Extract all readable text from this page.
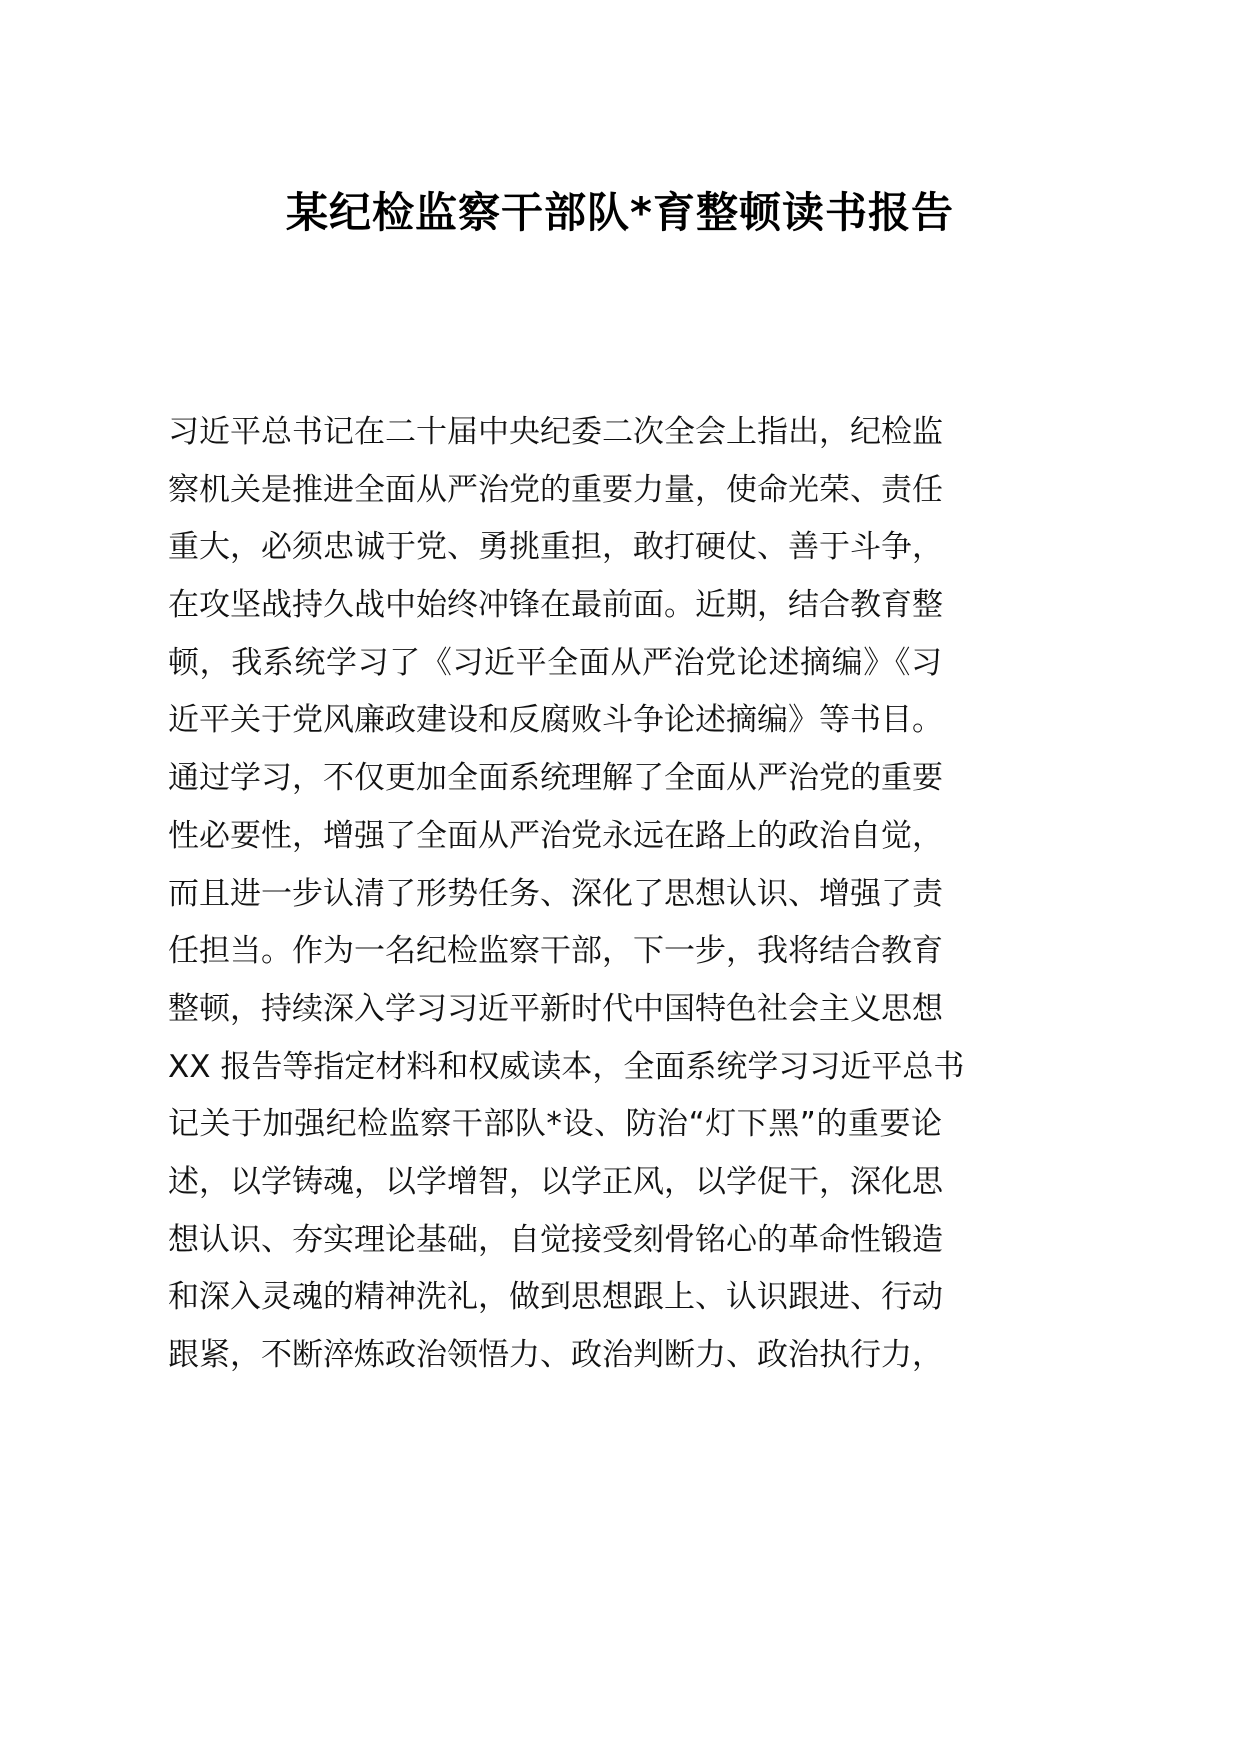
某纪检监察干部队*育整顿读书报告
习近平总书记在二十届中央纪委二次全会上指出，纪检监
察机关是推进全面从严治党的重要力量，使命光荣、责任
重大，必须忠诚于党、勇挑重担，敢打硬仗、善于斗争，
在攻坚战持久战中始终冲锋在最前面。近期，结合教育整
顿，我系统学习了《习近平全面从严治党论述摘编》《习
近平关于党风廉政建设和反腐败斗争论述摘编》等书目。
通过学习，不仅更加全面系统理解了全面从严治党的重要
性必要性，增强了全面从严治党永远在路上的政治自觉，
而且进一步认清了形势任务、深化了思想认识、增强了责
任担当。作为一名纪检监察干部，下一步，我将结合教育
整顿，持续深入学习习近平新时代中国特色社会主义思想
XX 报告等指定材料和权威读本，全面系统学习习近平总书
记关于加强纪检监察干部队*设、防治“灯下黑”的重要论
述，以学铸魂，以学增智，以学正风，以学促干，深化思
想认识、夯实理论基础，自觉接受刻骨铭心的革命性锻造
和深入灵魂的精神洗礼，做到思想跟上、认识跟进、行动
跟紧，不断淬炼政治领悟力、政治判断力、政治执行力，
